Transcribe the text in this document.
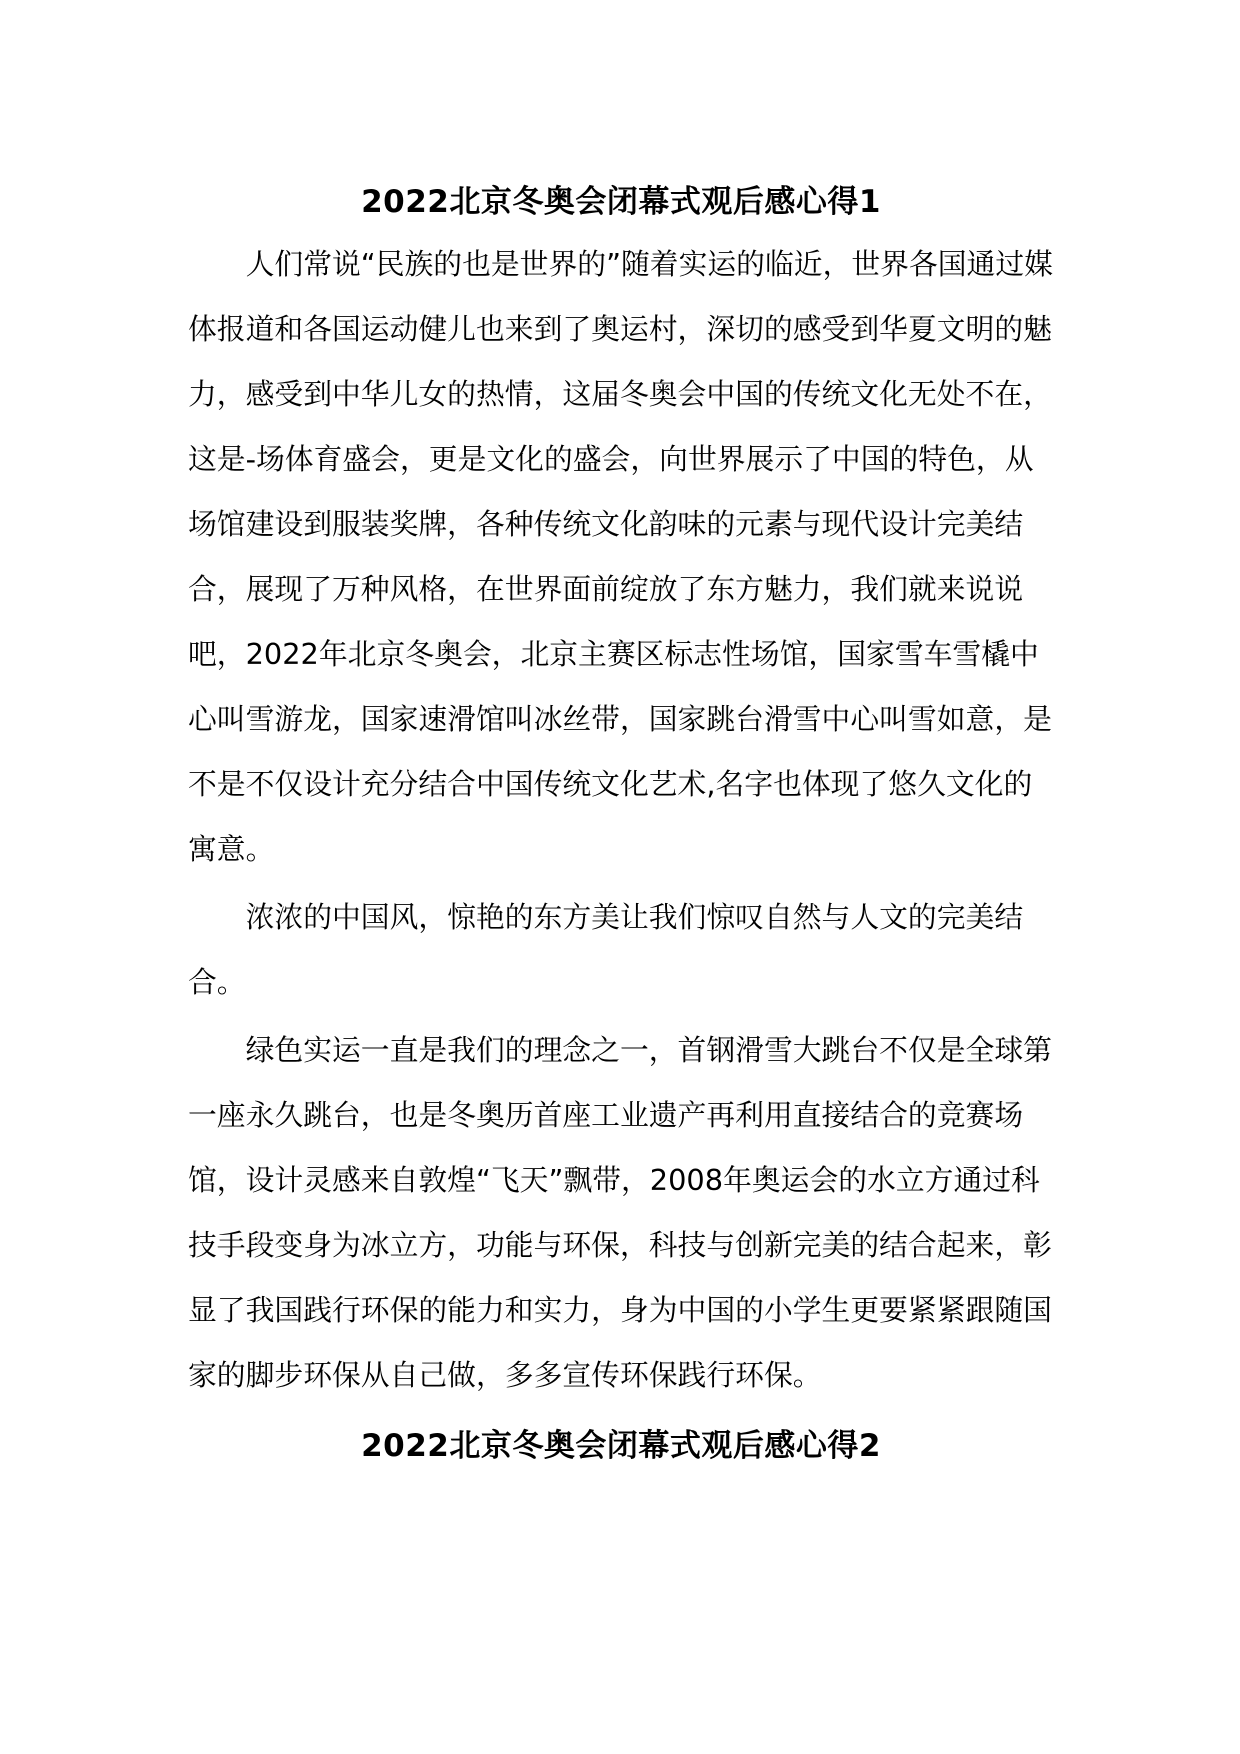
2022北京冬奥会闭幕式观后感心得1

人们常说“民族的也是世界的”随着实运的临近，世界各国通过媒体报道和各国运动健儿也来到了奥运村，深切的感受到华夏文明的魅力，感受到中华儿女的热情，这届冬奥会中国的传统文化无处不在，这是-场体育盛会，更是文化的盛会，向世界展示了中国的特色，从场馆建设到服装奖牌，各种传统文化韵味的元素与现代设计完美结合，展现了万种风格，在世界面前绽放了东方魅力，我们就来说说吧，2022年北京冬奥会，北京主赛区标志性场馆，国家雪车雪橇中心叫雪游龙，国家速滑馆叫冰丝带，国家跳台滑雪中心叫雪如意，是不是不仅设计充分结合中国传统文化艺术,名字也体现了悠久文化的寓意。

浓浓的中国风，惊艳的东方美让我们惊叹自然与人文的完美结合。

绿色实运一直是我们的理念之一，首钢滑雪大跳台不仅是全球第一座永久跳台，也是冬奥历首座工业遗产再利用直接结合的竞赛场馆，设计灵感来自敦煌“飞天”飘带，2008年奥运会的水立方通过科技手段变身为冰立方，功能与环保，科技与创新完美的结合起来，彰显了我国践行环保的能力和实力，身为中国的小学生更要紧紧跟随国家的脚步环保从自己做，多多宣传环保践行环保。

2022北京冬奥会闭幕式观后感心得2
